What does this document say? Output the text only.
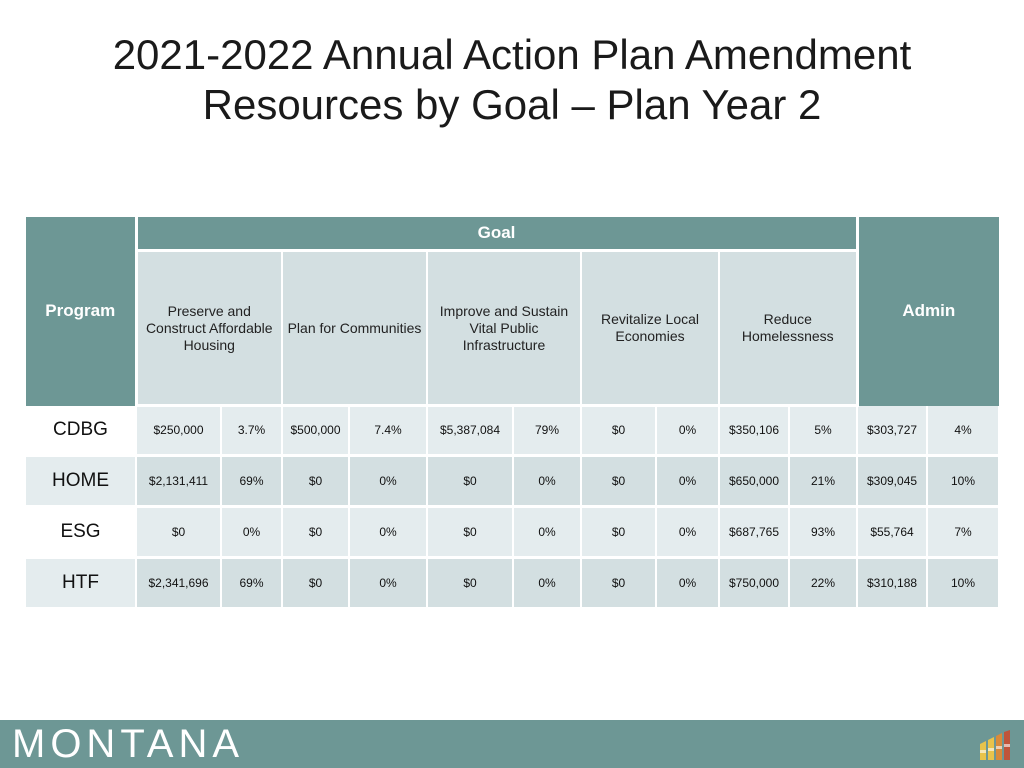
2021-2022 Annual Action Plan Amendment
Resources by Goal – Plan Year 2
Program	Goal										Admin	
	Preserve and Construct Affordable Housing		Plan for Communities		Improve and Sustain Vital Public Infrastructure		Revitalize Local Economies		Reduce Homelessness			
CDBG	$250,000	3.7%	$500,000	7.4%	$5,387,084	79%	$0	0%	$350,106	5%	$303,727	4%
HOME	$2,131,411	69%	$0	0%	$0	0%	$0	0%	$650,000	21%	$309,045	10%
ESG	$0	0%	$0	0%	$0	0%	$0	0%	$687,765	93%	$55,764	7%
HTF	$2,341,696	69%	$0	0%	$0	0%	$0	0%	$750,000	22%	$310,188	10%
MONTANA
